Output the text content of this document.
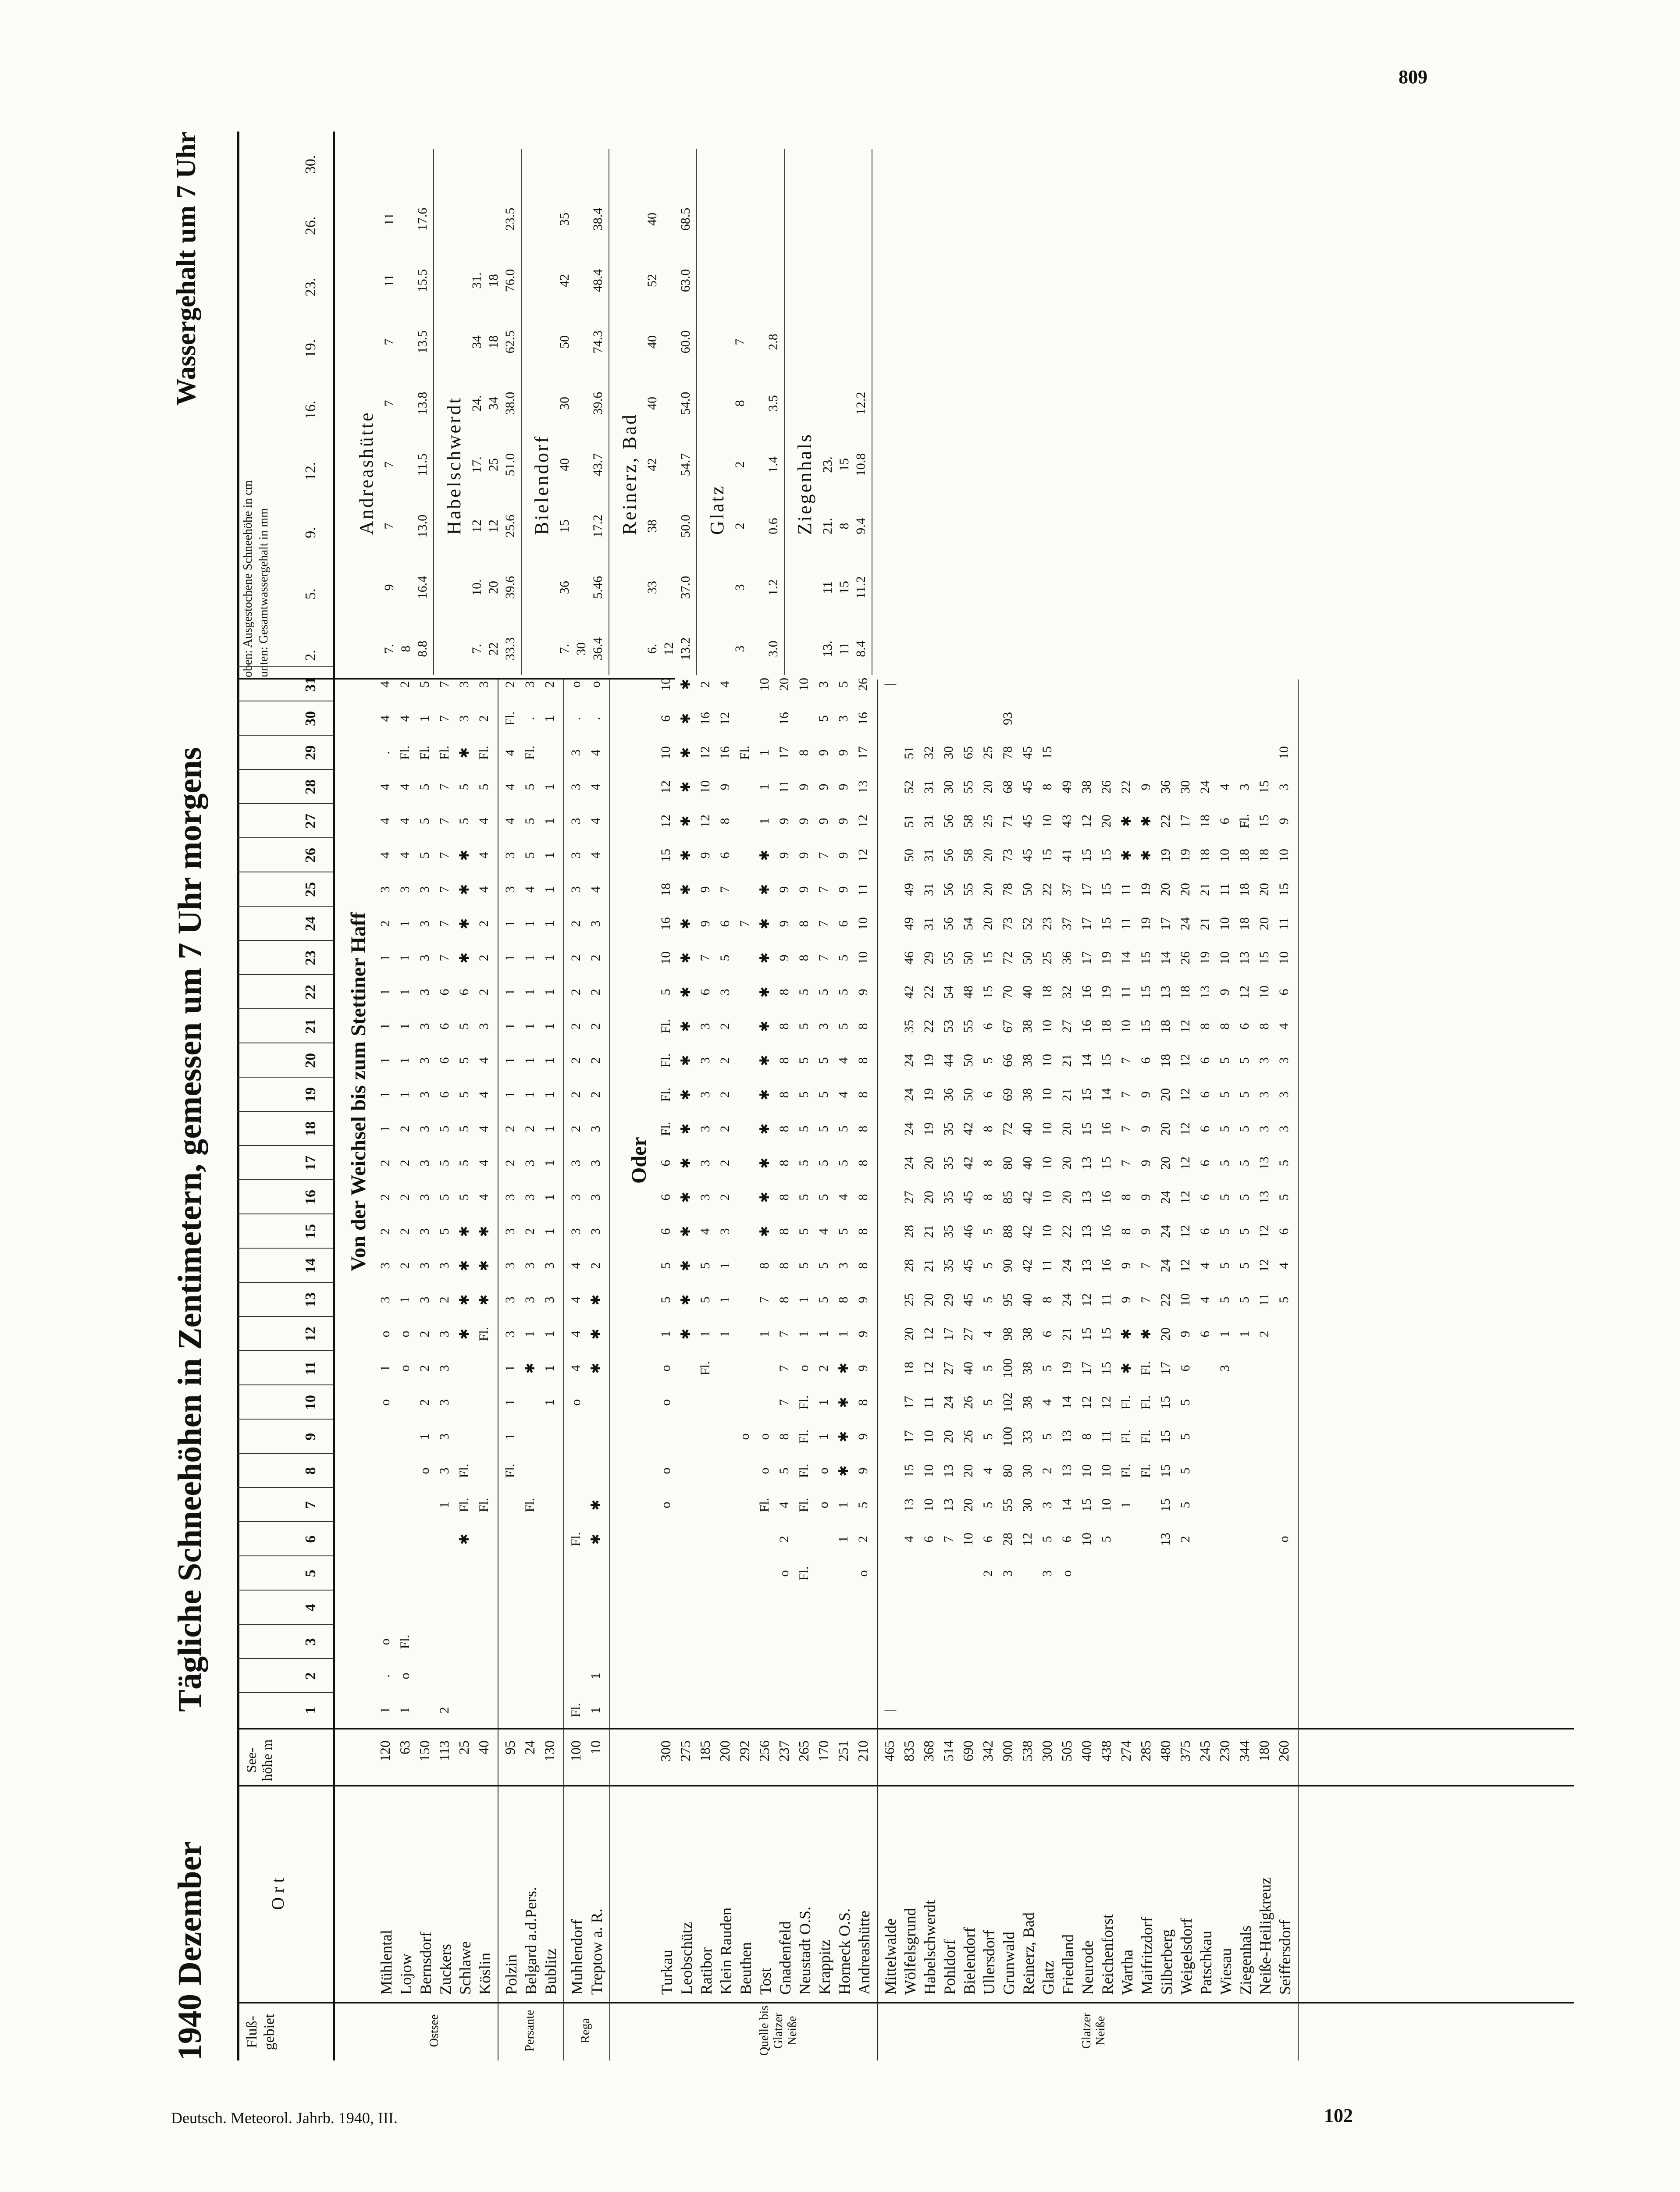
809
Deutsch. Meteorol. Jahrb. 1940, III.	102
1940 Dezember  Tägliche Schneehöhen in Zentimetern, gemessen um 7 Uhr morgens
Wassergehalt um 7 Uhr
Fluß-gebiet
O r t
See-höhe m
1
2
3
4
5
6
7
8
9
10
11
12
13
14
15
16
17
18
19
20
21
22
23
24
25
26
27
28
29
30
31
oben: Ausgestochene Schneehöhe in cm unten: Gesamtwassergehalt in mm 2.
5.
9.
12.
16.
19.
23.
26.
30.
Von der Weichsel bis zum Stettiner Haff
Mühlental
120
1
.
o
o
1
o
3
3
2
2
2
1
1
1
1
1
1
2
3
4
4
4
.
4
4
Lojow
63
1
o
Fl.
o
o
1
2
2
2
2
2
1
1
1
1
1
1
3
4
4
4
Fl.
4
2
Bernsdorf
150
o
1
2
2
2
3
3
3
3
3
3
3
3
3
3
3
3
3
5
5
5
Fl.
1
5
Zuckers
113
2
1
3
3
3
3
3
2
3
5
5
5
5
6
6
6
6
7
7
7
7
7
7
Fl.
7
7
Schlawe
25
✱
Fl.
Fl.
✱
✱
✱
✱
5
5
5
5
5
5
6
✱
✱
✱
✱
5
5
✱
3
3
Köslin
40
Fl.
Fl.
✱
✱
✱
4
4
4
4
4
3
2
2
2
4
4
4
5
Fl.
2
3
Ostsee
Polzin
95
Fl.
1
1
1
3
3
3
3
3
2
2
1
1
1
1
1
1
3
3
4
4
4
Fl.
2
Belgard a.d.Pers.
24
Fl.
✱
1
3
3
2
3
3
2
1
1
1
1
1
1
4
5
5
5
Fl.
.
3
Bublitz
130
1
1
1
3
3
1
1
1
1
1
1
1
1
1
1
1
1
1
1
1
2
Persante
Muhlendorf
100
Fl.
Fl.
o
4
4
4
4
3
3
3
2
2
2
2
2
2
2
3
3
3
3
3
.
o
Treptow a. R.
10
1
1
✱
✱
✱
✱
✱
2
3
3
3
3
2
2
2
2
2
3
4
4
4
4
4
.
o
Rega
Oder
Turkau
300
o
o
o
o
1
5
5
6
6
6
Fl.
Fl.
Fl.
Fl.
5
10
16
18
15
12
12
10
6
10
Leobschütz
275
✱
✱
✱
✱
✱
✱
✱
✱
✱
✱
✱
✱
✱
✱
✱
✱
✱
✱
✱
✱
Ratibor
185
Fl.
1
5
5
4
3
3
3
3
3
3
6
7
9
9
9
12
10
12
16
2
Klein Rauden
200
1
1
1
3
2
2
2
2
2
2
3
5
6
7
6
8
9
16
12
4
Beuthen
292
o
7
Fl.
Tost
256
Fl.
o
o
1
7
8
✱
✱
✱
✱
✱
✱
✱
✱
✱
✱
✱
✱
1
1
1
10
Gnadenfeld
237
o
2
4
5
8
7
7
7
8
8
8
8
8
8
8
8
8
8
9
9
9
9
9
11
17
16
20
Neustadt O.S.
265
Fl.
Fl.
Fl.
Fl.
Fl.
o
1
1
5
5
5
5
5
5
5
5
5
8
8
9
9
9
9
8
10
Krappitz
170
o
o
1
1
2
1
5
5
4
5
5
5
5
5
3
5
7
7
7
7
9
9
9
5
3
Horneck O.S.
251
1
1
✱
✱
✱
✱
1
8
3
5
4
5
5
4
4
5
5
5
6
9
9
9
9
9
3
5
Andreashütte
210
o
2
5
9
9
8
9
9
9
8
8
8
8
8
8
8
8
9
10
10
11
12
12
13
17
16
26
Quelle bis Glatzer Neiße
Mittelwalde
465
|
|
Wölfelsgrund
835
4
13
15
17
17
18
20
25
28
28
27
24
24
24
24
35
42
46
49
49
50
51
52
51
Habelschwerdt
368
6
10
10
10
11
12
12
20
21
21
20
20
19
19
19
22
22
29
31
31
31
31
31
32
Pohldorf
514
7
13
13
20
24
27
17
29
35
35
35
35
35
36
44
53
54
55
56
56
56
56
30
30
Bielendorf
690
10
20
20
26
26
40
27
45
45
46
45
42
42
50
50
55
48
50
54
55
58
58
55
65
Ullersdorf
342
2
6
5
4
5
5
5
4
5
5
5
8
8
8
6
5
6
15
15
20
20
20
25
20
25
Grunwald
900
3
28
55
80
100
102
100
98
95
90
88
85
80
72
69
66
67
70
72
73
78
73
71
68
78
93
Reinerz, Bad
538
12
30
30
33
38
38
38
40
42
42
42
40
40
38
38
38
40
50
52
50
45
45
45
45
Glatz
300
3
5
3
2
5
4
5
6
8
11
10
10
10
10
10
10
10
18
25
23
22
15
10
8
15
Friedland
505
o
6
14
13
13
14
19
21
24
24
22
20
20
20
21
21
27
32
36
37
37
41
43
49
Neurode
400
10
15
10
8
12
17
15
12
13
13
13
13
15
15
14
16
16
17
17
17
15
12
38
Reichenforst
438
5
10
10
11
12
15
15
11
16
16
16
15
16
14
15
18
19
19
15
15
15
20
26
Wartha
274
1
Fl.
Fl.
Fl.
✱
✱
9
9
8
8
7
7
7
7
10
11
14
11
11
✱
✱
22
Maifritzdorf
285
Fl.
Fl.
Fl.
Fl.
✱
7
7
9
9
9
9
9
6
15
15
15
19
19
✱
✱
9
Silberberg
480
13
15
15
15
15
17
20
22
24
24
24
20
20
20
18
18
13
14
17
20
19
22
36
Weigelsdorf
375
2
5
5
5
5
6
9
10
12
12
12
12
12
12
12
12
18
26
24
20
19
17
30
Patschkau
245
6
4
4
6
6
6
6
6
6
8
13
19
21
21
18
18
24
Wiesau
230
3
1
5
5
5
5
5
5
5
5
8
9
10
10
11
10
6
4
Ziegenhals
344
1
5
5
5
5
5
5
5
5
6
12
13
18
18
18
Fl.
3
Neiße-Heiligkreuz
180
2
11
12
12
13
13
3
3
3
8
10
15
20
20
18
15
15
Seiffersdorf
260
o
5
4
6
5
5
3
3
3
4
6
10
11
15
10
9
3
10
Glatzer Neiße
Andreashütte
7.
9
7
7
7
7
11
11
8 8.8
16.4
13.0
11.5
13.8
13.5
15.5
17.6
Habelschwerdt
7.
10.
12
17.
24.
34
31.
22
20
12
25
34
18
18
33.3
39.6
25.6
51.0
38.0
62.5
76.0
23.5
Bielendorf
7.
36
15
40
30
50
42
35
30 36.4
5.46
17.2
43.7
39.6
74.3
48.4
38.4
Reinerz, Bad
6.
33
38
42
40
40
52
40
12 13.2
37.0
50.0
54.7
54.0
60.0
63.0
68.5
Glatz
3
3
2
2
8
7
3.0
1.2
0.6
1.4
3.5
2.8
Ziegenhals
13.
11
21.
23.
11
15
8
15
8.4
11.2
9.4
10.8
12.2
